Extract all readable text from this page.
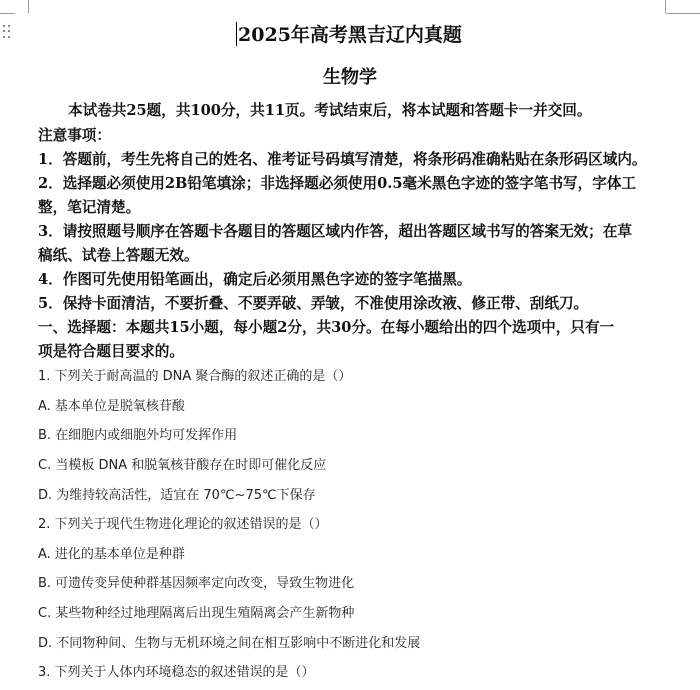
2025年高考黑吉辽内真题
生物学
本试卷共25题，共100分，共11页。考试结束后，将本试题和答题卡一并交回。
注意事项：
1．答题前，考生先将自己的姓名、准考证号码填写清楚，将条形码准确粘贴在条形码区域内。
2．选择题必须使用2B铅笔填涂；非选择题必须使用0.5毫米黑色字迹的签字笔书写，字体工
整，笔记清楚。
3．请按照题号顺序在答题卡各题目的答题区域内作答，超出答题区域书写的答案无效；在草
稿纸、试卷上答题无效。
4．作图可先使用铅笔画出，确定后必须用黑色字迹的签字笔描黑。
5．保持卡面清洁，不要折叠、不要弄破、弄皱，不准使用涂改液、修正带、刮纸刀。
一、选择题：本题共15小题，每小题2分，共30分。在每小题给出的四个选项中，只有一
项是符合题目要求的。
1. 下列关于耐高温的 DNA 聚合酶的叙述正确的是（）
A. 基本单位是脱氧核苷酸
B. 在细胞内或细胞外均可发挥作用
C. 当模板 DNA 和脱氧核苷酸存在时即可催化反应
D. 为维持较高活性，适宜在 70℃~75℃下保存
2. 下列关于现代生物进化理论的叙述错误的是（）
A. 进化的基本单位是种群
B. 可遗传变异使种群基因频率定向改变，导致生物进化
C. 某些物种经过地理隔离后出现生殖隔离会产生新物种
D. 不同物种间、生物与无机环境之间在相互影响中不断进化和发展
3. 下列关于人体内环境稳态的叙述错误的是（）
